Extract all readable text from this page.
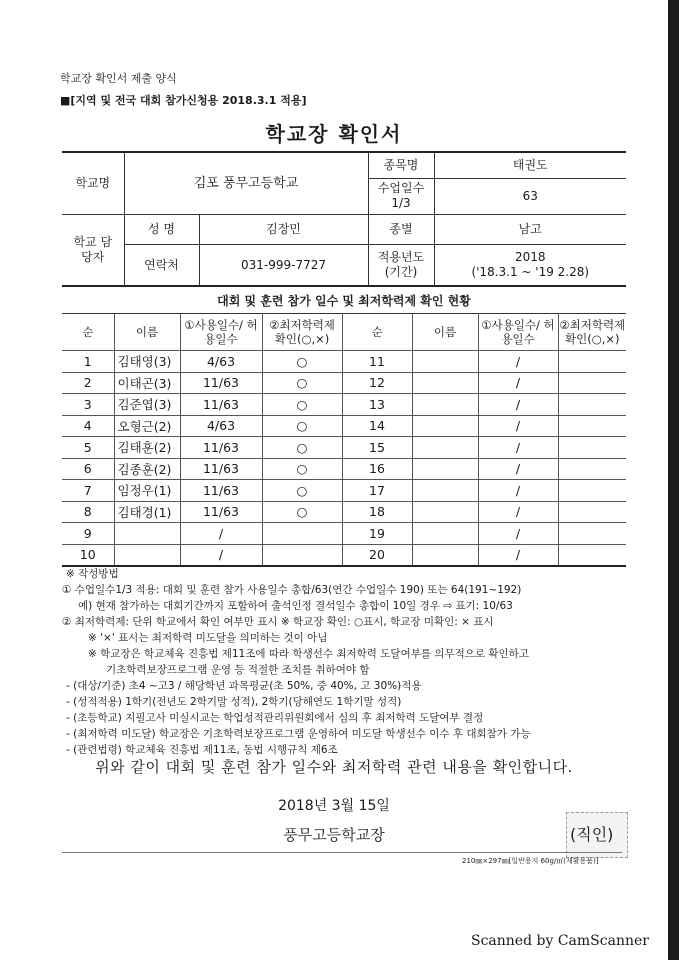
학교장 확인서 제출 양식
■[지역 및 전국 대회 참가신청용 2018.3.1 적용]
학교장 확인서
학교명	김포 풍무고등학교		종목명	태권도
			수업일수 1/3	63
학교 담당자	성 명	김장민	종별	남고
	연락처	031-999-7727	적용년도 (기간)	2018
('18.3.1 ~ '19 2.28)
대회 및 훈련 참가 일수 및 최저학력제 확인 현황
순	이름	①사용일수/ 허용일수	②최저학력제 확인(○,×)	순	이름	①사용일수/ 허용일수	②최저학력제 확인(○,×)
1	김태영(3)	4/63	○	11		/	
2	이태곤(3)	11/63	○	12		/	
3	김준엽(3)	11/63	○	13		/	
4	오형근(2)	4/63	○	14		/	
5	김태훈(2)	11/63	○	15		/	
6	김종훈(2)	11/63	○	16		/	
7	임정우(1)	11/63	○	17		/	
8	김태경(1)	11/63	○	18		/	
9		/		19		/	
10		/		20		/	
※ 작성방법
① 수업일수1/3 적용: 대회 및 훈련 참가 사용일수 총합/63(연간 수업일수 190) 또는 64(191~192)
예) 현재 참가하는 대회기간까지 포함하여 출석인정 결석일수 총합이 10일 경우 ⇨ 표기: 10/63
② 최저학력제: 단위 학교에서 확인 여부만 표시 ※ 학교장 확인: ○표시, 학교장 미확인: × 표시
※ '×' 표시는 최저학력 미도달을 의미하는 것이 아님
※ 학교장은 학교체육 진흥법 제11조에 따라 학생선수 최저학력 도달여부를 의무적으로 확인하고
기초학력보장프로그램 운영 등 적절한 조치를 취하여야 함
- (대상/기준) 초4 ~고3 / 해당학년 과목평균(초 50%, 중 40%, 고 30%)적용
- (성적적용) 1학기(전년도 2학기말 성적), 2학기(당해연도 1학기말 성적)
- (초등학교) 지필고사 미실시교는 학업성적관리위원회에서 심의 후 최저학력 도달여부 결정
- (최저학력 미도달) 학교장은 기초학력보장프로그램 운영하여 미도달 학생선수 이수 후 대회참가 가능
- (관련법령) 학교체육 진흥법 제11조, 동법 시행규칙 제6조
위와 같이 대회 및 훈련 참가 일수와 최저학력 관련 내용을 확인합니다.
2018년 3월 15일
풍무고등학교장	(직인)
210㎜×297㎜[일반용지 60g/㎡(재활용품)]
Scanned by CamScanner
